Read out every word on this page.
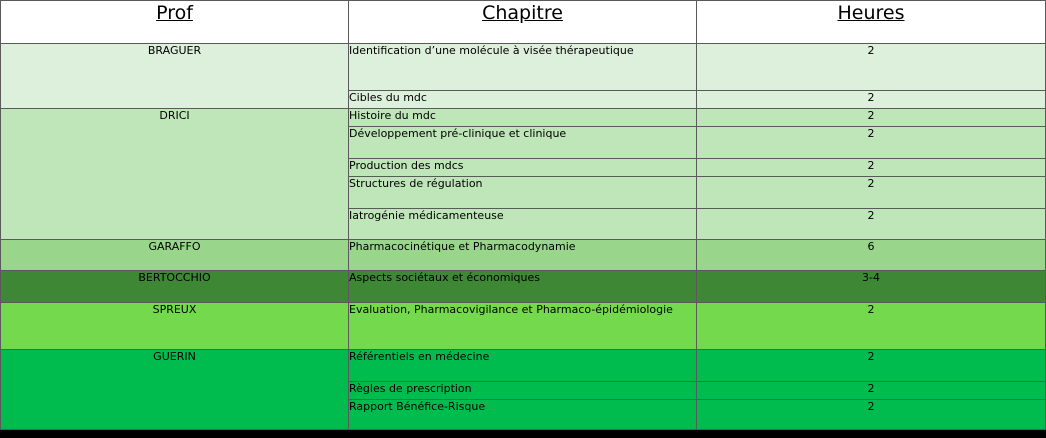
Prof	Chapitre	Heures
BRAGUER	Identification d’une molécule à visée thérapeutique	2
	Cibles du mdc	2
DRICI	Histoire du mdc	2
	Développement pré-clinique et clinique	2
	Production des mdcs	2
	Structures de régulation	2
	Iatrogénie médicamenteuse	2
GARAFFO	Pharmacocinétique et Pharmacodynamie	6
BERTOCCHIO	Aspects sociétaux et économiques	3-4
SPREUX	Evaluation, Pharmacovigilance et Pharmaco-épidémiologie	2
GUERIN	Référentiels en médecine	2
	Règles de prescription	2
	Rapport Bénéfice-Risque	2
